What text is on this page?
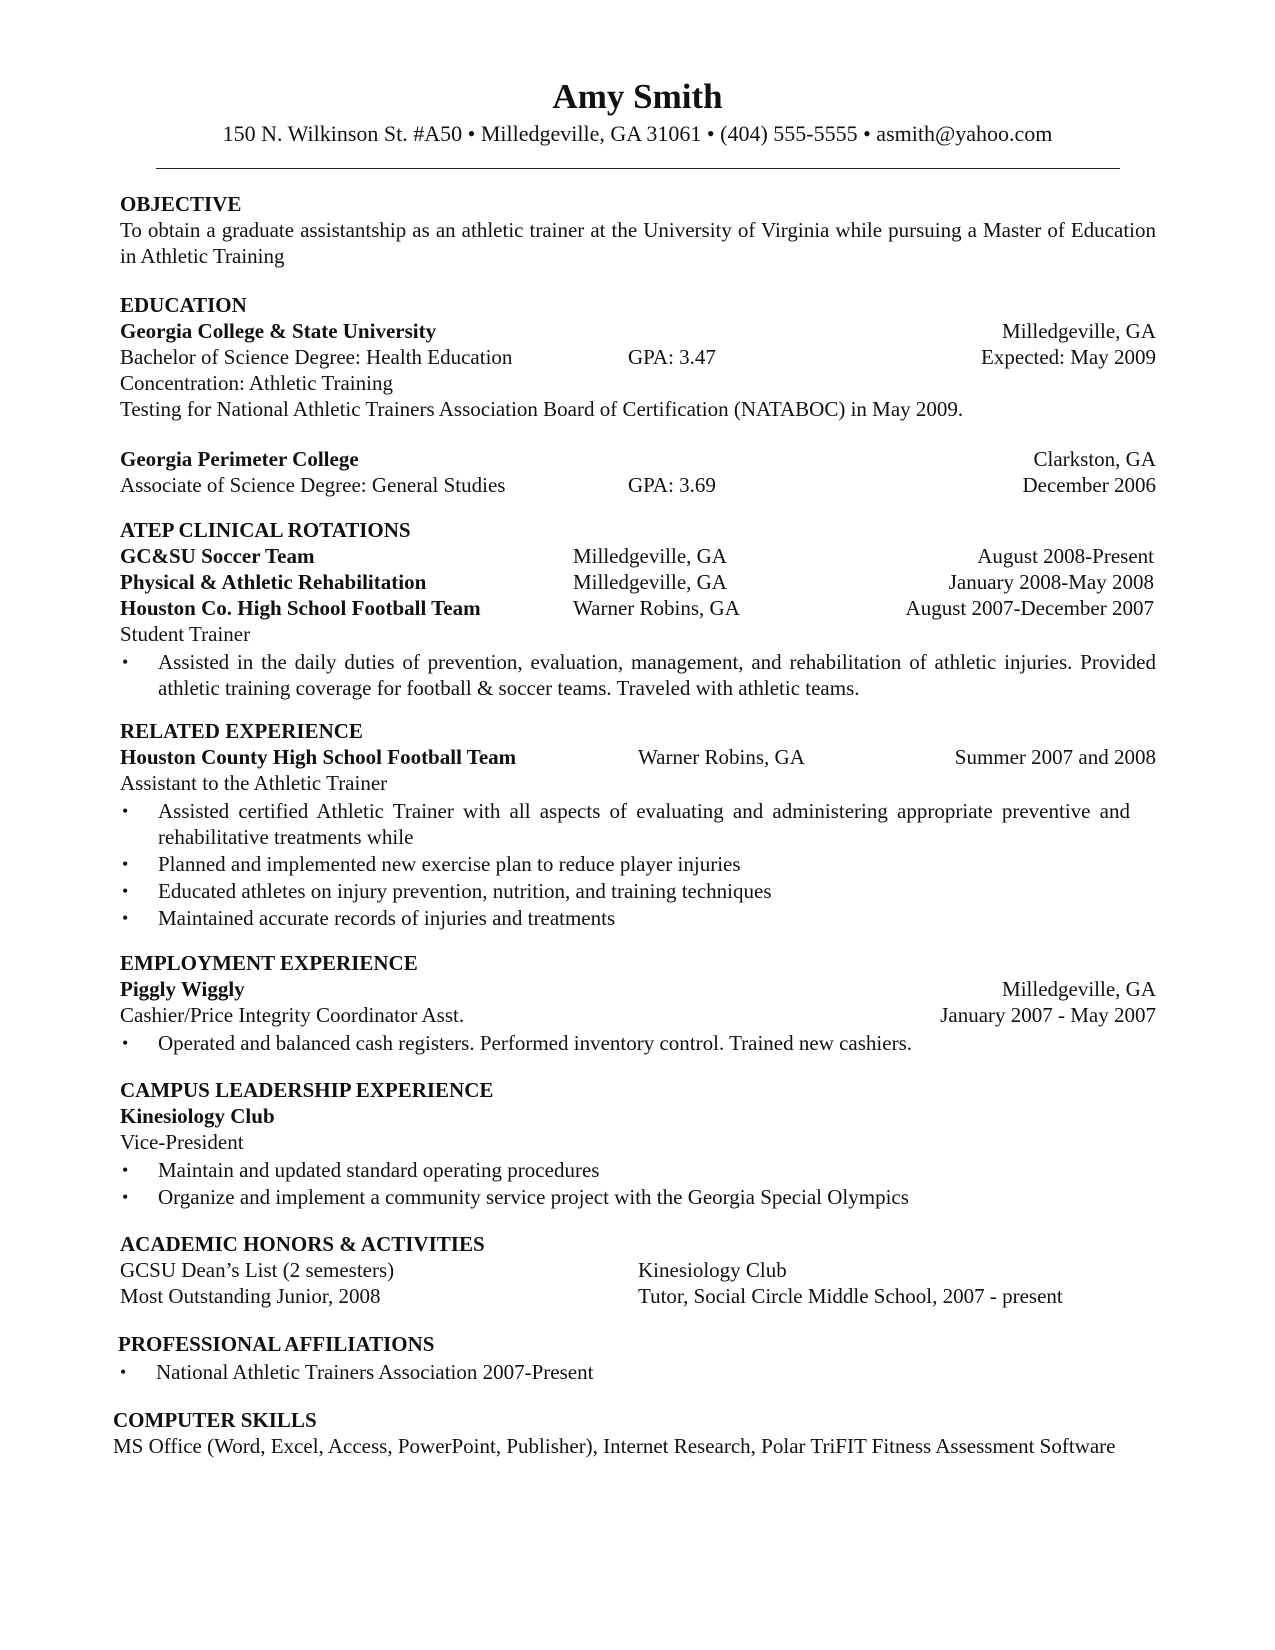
Amy Smith
150 N. Wilkinson St. #A50 • Milledgeville, GA 31061 • (404) 555-5555 • asmith@yahoo.com
OBJECTIVE
To obtain a graduate assistantship as an athletic trainer at the University of Virginia while pursuing a Master of Education in Athletic Training
EDUCATION
Georgia College & State University	Milledgeville, GA
Bachelor of Science Degree: Health Education	GPA: 3.47	Expected: May 2009
Concentration: Athletic Training
Testing for National Athletic Trainers Association Board of Certification (NATABOC) in May 2009.
Georgia Perimeter College	Clarkston, GA
Associate of Science Degree: General Studies	GPA: 3.69	December 2006
ATEP CLINICAL ROTATIONS
GC&SU Soccer Team	Milledgeville, GA	August 2008-Present
Physical & Athletic Rehabilitation	Milledgeville, GA	January 2008-May 2008
Houston Co. High School Football Team	Warner Robins, GA	August 2007-December 2007
Student Trainer
• Assisted in the daily duties of prevention, evaluation, management, and rehabilitation of athletic injuries. Provided athletic training coverage for football & soccer teams. Traveled with athletic teams.
RELATED EXPERIENCE
Houston County High School Football Team	Warner Robins, GA	Summer 2007 and 2008
Assistant to the Athletic Trainer
• Assisted certified Athletic Trainer with all aspects of evaluating and administering appropriate preventive and rehabilitative treatments while
• Planned and implemented new exercise plan to reduce player injuries
• Educated athletes on injury prevention, nutrition, and training techniques
• Maintained accurate records of injuries and treatments
EMPLOYMENT EXPERIENCE
Piggly Wiggly	Milledgeville, GA
Cashier/Price Integrity Coordinator Asst.	January 2007 - May 2007
• Operated and balanced cash registers. Performed inventory control. Trained new cashiers.
CAMPUS LEADERSHIP EXPERIENCE
Kinesiology Club
Vice-President
• Maintain and updated standard operating procedures
• Organize and implement a community service project with the Georgia Special Olympics
ACADEMIC HONORS & ACTIVITIES
GCSU Dean’s List (2 semesters)	Kinesiology Club
Most Outstanding Junior, 2008	Tutor, Social Circle Middle School, 2007 - present
PROFESSIONAL AFFILIATIONS
• National Athletic Trainers Association 2007-Present
COMPUTER SKILLS
MS Office (Word, Excel, Access, PowerPoint, Publisher), Internet Research, Polar TriFIT Fitness Assessment Software
